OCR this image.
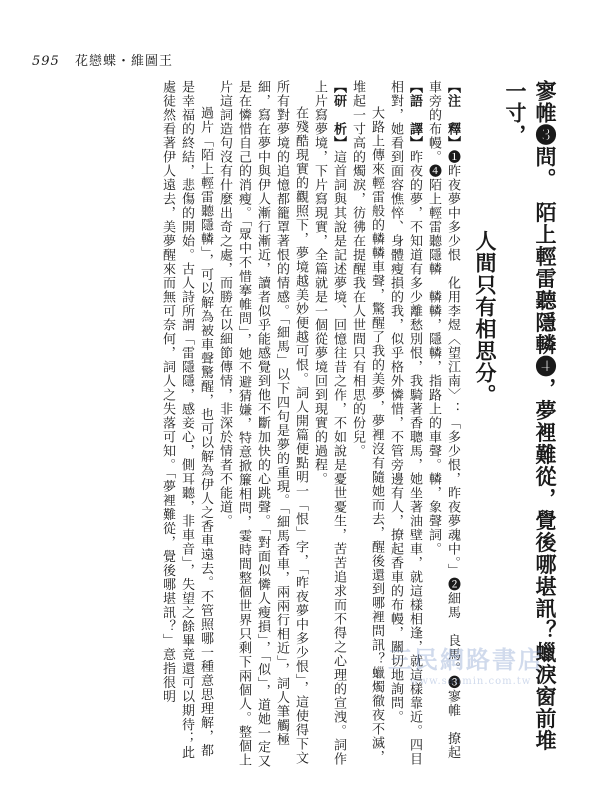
595 花戀蝶・維圖王

寥帷❸問。　陌上輕雷聽隱轔❹，夢裡難從，覺後哪堪訊？蠟淚窗前堆一寸，

人間只有相思分。

【注　釋】❶昨夜夢中多少恨　化用李煜〈望江南〉：「多少恨，昨夜夢魂中。」❷細馬　良馬。❸寥帷　撩起車旁的布幔。❹陌上輕雷聽隱轔　轔轔，隱轔，指路上的車聲。轔，象聲詞。

【語　譯】昨夜的夢，不知道有多少離愁別恨，我騎著香聰馬，她坐著油壁車，就這樣相逢，就這樣靠近。四目相對，她看到面容憔悴、身體瘦損的我，似乎格外憐惜，不管旁邊有人，撩起香車的布幔，關切地詢問。

大路上傳來輕雷般的轔轔車聲，驚醒了我的美夢，夢裡沒有隨她而去，醒後還到哪裡問訊？蠟燭徹夜不滅，堆起一寸高的燭淚，彷彿在提醒我在人世間只有相思的份兒。

【研　析】這首詞與其說是記述夢境、回憶往昔之作，不如說是憂世憂生，苦苦追求而不得之心理的宣洩。詞作上片寫夢境，下片寫現實，全篇就是一個從夢境回到現實的過程。

在殘酷現實的觀照下，夢境越美妙便越可恨。詞人開篇便點明一「恨」字，「昨夜夢中多少恨」，這使得下文所有對夢境的追憶都籠罩著恨的情感。「細馬」以下四句是夢的重現。「細馬香車，兩兩行相近」，詞人筆觸極細，寫在夢中與伊人漸行漸近，讀者似乎能感覺到他不斷加快的心跳聲。「對面似憐人瘦損」，「似」，道她一定又是在憐惜自己的消瘦。「眾中不惜搴帷問」，她不避猜嫌，特意掀簾相問，霎時間整個世界只剩下兩個人。整個上片這詞造句沒有什麼出奇之處，而勝在以細節傳情，非深於情者不能道。

過片「陌上輕雷聽隱轔」，可以解為被車聲驚醒，也可以解為伊人之香車遠去。不管照哪一種意思理解，都是幸福的終結，悲傷的開始。古人詩所謂「雷隱隱，感妾心，側耳聽，非車音」，失望之餘畢竟還可以期待；此處徒然看著伊人遠去，美夢醒來而無可奈何，詞人之失落可知。「夢裡難從，覺後哪堪訊？」意指很明	三民網路書店
www.sanmin.com.tw
